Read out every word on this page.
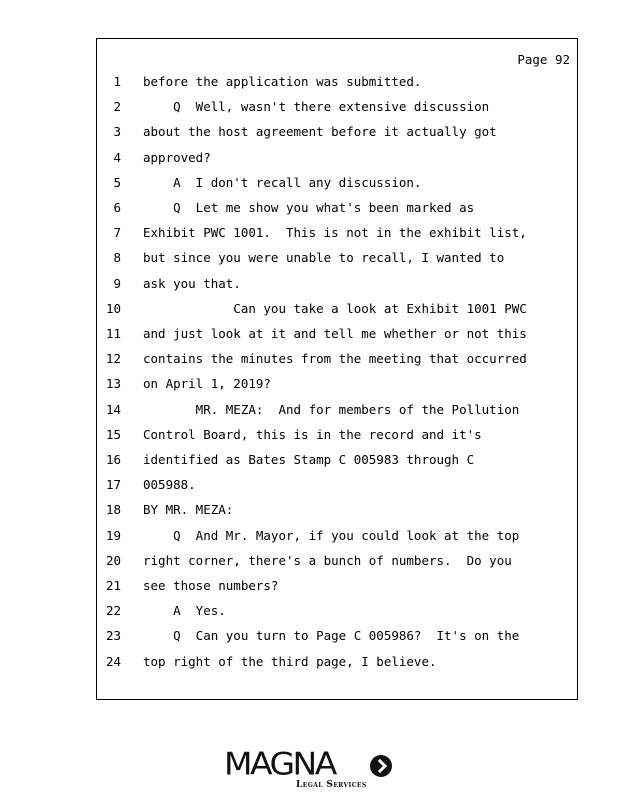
Page 92
1 before the application was submitted.
2 Q  Well, wasn't there extensive discussion
3 about the host agreement before it actually got
4 approved?
5 A  I don't recall any discussion.
6 Q  Let me show you what's been marked as
7 Exhibit PWC 1001.  This is not in the exhibit list,
8 but since you were unable to recall, I wanted to
9 ask you that.
10 Can you take a look at Exhibit 1001 PWC
11 and just look at it and tell me whether or not this
12 contains the minutes from the meeting that occurred
13 on April 1, 2019?
14 MR. MEZA:  And for members of the Pollution
15 Control Board, this is in the record and it's
16 identified as Bates Stamp C 005983 through C
17 005988.
18 BY MR. MEZA:
19 Q  And Mr. Mayor, if you could look at the top
20 right corner, there's a bunch of numbers.  Do you
21 see those numbers?
22 A  Yes.
23 Q  Can you turn to Page C 005986?  It's on the
24 top right of the third page, I believe.
MAGNA
Legal Services
